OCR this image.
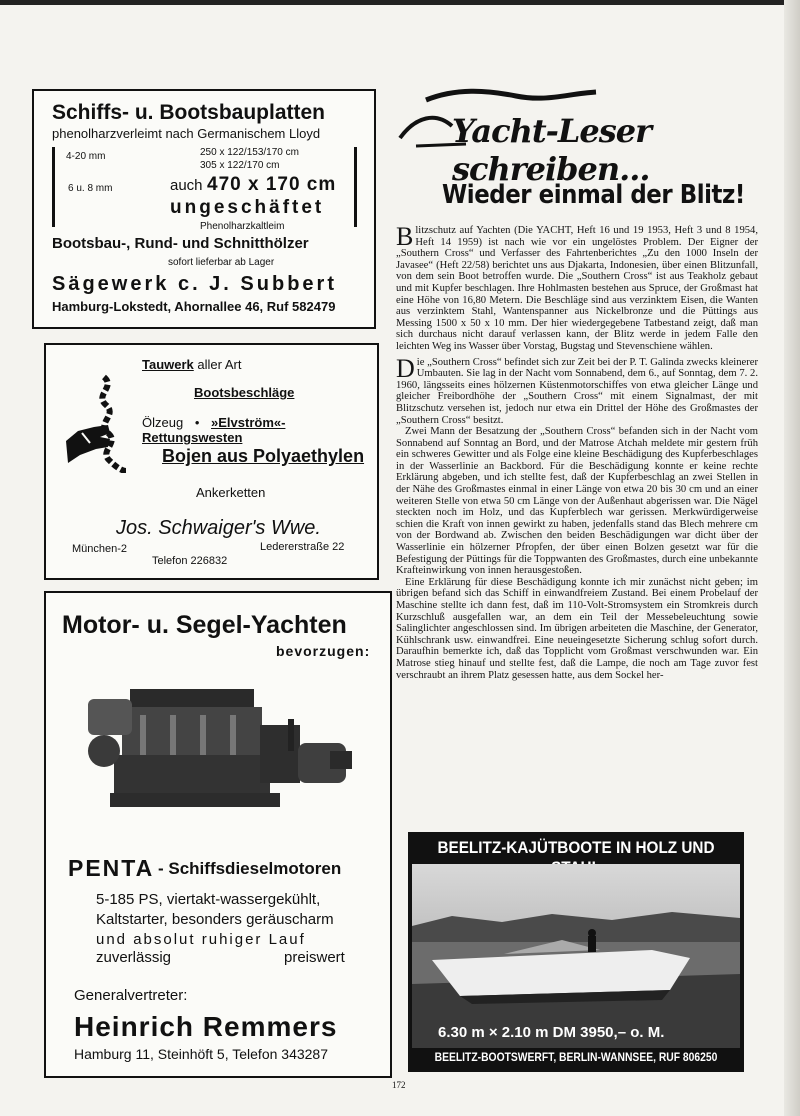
Schiffs- u. Bootsbauplatten
phenolharzverleimt nach Germanischem Lloyd
4-20 mm	250 x 122/153/170 cm
305 x 122/170 cm
6 u. 8 mm	auch 470 x 170 cm
ungeschäftet
Phenolharzkaltleim
Bootsbau-, Rund- und Schnitthölzer
sofort lieferbar ab Lager
Sägewerk c. J. Subbert
Hamburg-Lokstedt, Ahornallee 46, Ruf 582479
Tauwerk aller Art
Bootsbeschläge
Ölzeug • »Elvström«-Rettungswesten
Bojen aus Polyaethylen
Ankerketten
Jos. Schwaiger's Wwe.
München-2	Ledererstraße 22
Telefon 226832
Motor- u. Segel-Yachten
bevorzugen:
PENTA - Schiffsdieselmotoren
5-185 PS, viertakt-wassergekühlt,
Kaltstarter, besonders geräuscharm
und absolut ruhiger Lauf
zuverlässig	preiswert
Generalvertreter:
Heinrich Remmers
Hamburg 11, Steinhöft 5, Telefon 343287
Yacht-Leser schreiben...
Wieder einmal der Blitz!

Blitzschutz auf Yachten (Die YACHT, Heft 16 und 19 1953, Heft 3 und 8 1954, Heft 14 1959) ist nach wie vor ein ungelöstes Problem. Der Eigner der „Southern Cross“ und Verfasser des Fahrtenberichtes „Zu den 1000 Inseln der Javasee“ (Heft 22/58) berichtet uns aus Djakarta, Indonesien, über einen Blitzunfall, von dem sein Boot betroffen wurde. Die „Southern Cross“ ist aus Teakholz gebaut und mit Kupfer beschlagen. Ihre Hohlmasten bestehen aus Spruce, der Großmast hat eine Höhe von 16,80 Metern. Die Beschläge sind aus verzinktem Eisen, die Wanten aus verzinktem Stahl, Wantenspanner aus Nickelbronze und die Püttings aus Messing 1500 x 50 x 10 mm. Der hier wiedergegebene Tatbestand zeigt, daß man sich durchaus nicht darauf verlassen kann, der Blitz werde in jedem Falle den leichten Weg ins Wasser über Vorstag, Bugstag und Stevenschiene wählen.

Die „Southern Cross“ befindet sich zur Zeit bei der P. T. Galinda zwecks kleinerer Umbauten. Sie lag in der Nacht vom Sonnabend, dem 6., auf Sonntag, dem 7. 2. 1960, längsseits eines hölzernen Küstenmotorschiffes von etwa gleicher Länge und gleicher Freibordhöhe der „Southern Cross“ mit einem Signalmast, der mit Blitzschutz versehen ist, jedoch nur etwa ein Drittel der Höhe des Großmastes der „Southern Cross“ besitzt.

Zwei Mann der Besatzung der „Southern Cross“ befanden sich in der Nacht vom Sonnabend auf Sonntag an Bord, und der Matrose Atchah meldete mir gestern früh ein schweres Gewitter und als Folge eine kleine Beschädigung des Kupferbeschlages in der Wasserlinie an Backbord. Für die Beschädigung konnte er keine rechte Erklärung abgeben, und ich stellte fest, daß der Kupferbeschlag an zwei Stellen in der Nähe des Großmastes einmal in einer Länge von etwa 20 bis 30 cm und an einer weiteren Stelle von etwa 50 cm Länge von der Außenhaut abgerissen war. Die Nägel steckten noch im Holz, und das Kupferblech war gerissen. Merkwürdigerweise schien die Kraft von innen gewirkt zu haben, jedenfalls stand das Blech mehrere cm von der Bordwand ab. Zwischen den beiden Beschädigungen war dicht über der Wasserlinie ein hölzerner Pfropfen, der über einen Bolzen gesetzt war für die Befestigung der Püttings für die Toppwanten des Großmastes, durch eine unbekannte Krafteinwirkung von innen herausgestoßen.

Eine Erklärung für diese Beschädigung konnte ich mir zunächst nicht geben; im übrigen befand sich das Schiff in einwandfreiem Zustand. Bei einem Probelauf der Maschine stellte ich dann fest, daß im 110-Volt-Stromsystem ein Stromkreis durch Kurzschluß ausgefallen war, an dem ein Teil der Messebeleuchtung sowie Salinglichter angeschlossen sind. Im übrigen arbeiteten die Maschine, der Generator, Kühlschrank usw. einwandfrei. Eine neueingesetzte Sicherung schlug sofort durch. Daraufhin bemerkte ich, daß das Topplicht vom Großmast verschwunden war. Ein Matrose stieg hinauf und stellte fest, daß die Lampe, die noch am Tage zuvor fest verschraubt an ihrem Platz gesessen hatte, aus dem Sockel her-

BEELITZ-KAJÜTBOOTE IN HOLZ UND
6.30 m × 2.10 m DM 3950,– o. M.
BEELITZ-BOOTSWERFT, BERLIN-WANNSEE, RUF 806250
172
